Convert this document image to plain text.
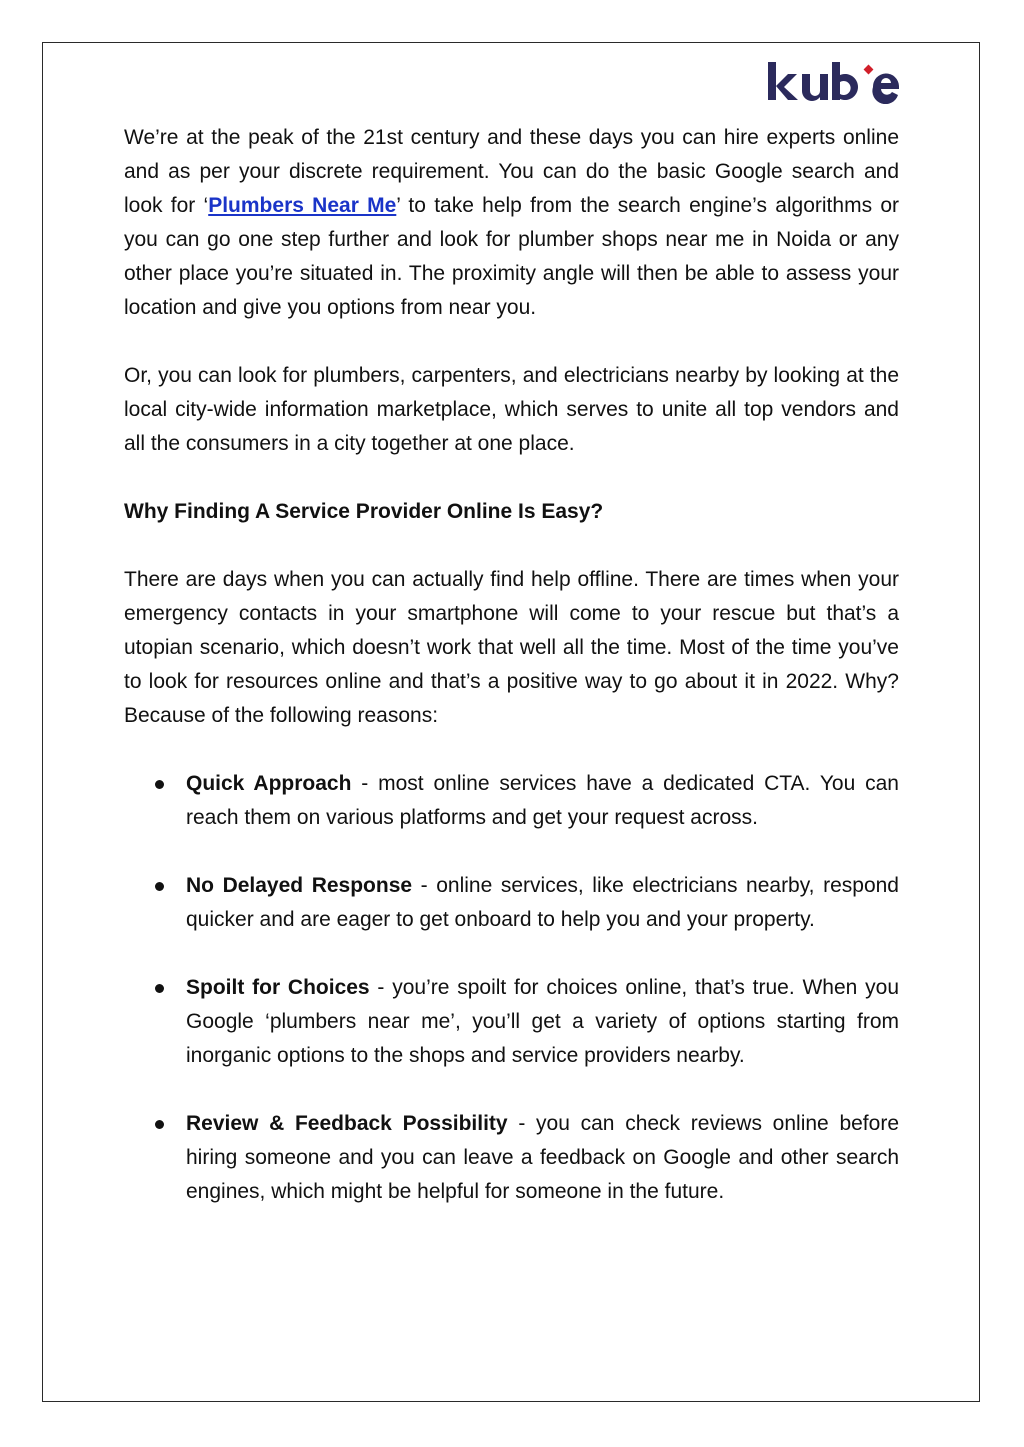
We’re at the peak of the 21st century and these days you can hire experts online and as per your discrete requirement. You can do the basic Google search and look for ‘Plumbers Near Me’ to take help from the search engine’s algorithms or you can go one step further and look for plumber shops near me in Noida or any other place you’re situated in. The proximity angle will then be able to assess your location and give you options from near you.

Or, you can look for plumbers, carpenters, and electricians nearby by looking at the local city-wide information marketplace, which serves to unite all top vendors and all the consumers in a city together at one place.

Why Finding A Service Provider Online Is Easy?

There are days when you can actually find help offline. There are times when your emergency contacts in your smartphone will come to your rescue but that’s a utopian scenario, which doesn’t work that well all the time. Most of the time you’ve to look for resources online and that’s a positive way to go about it in 2022. Why? Because of the following reasons:

Quick Approach - most online services have a dedicated CTA. You can reach them on various platforms and get your request across.
No Delayed Response - online services, like electricians nearby, respond quicker and are eager to get onboard to help you and your property.
Spoilt for Choices - you’re spoilt for choices online, that’s true. When you Google ‘plumbers near me’, you’ll get a variety of options starting from inorganic options to the shops and service providers nearby.
Review & Feedback Possibility - you can check reviews online before hiring someone and you can leave a feedback on Google and other search engines, which might be helpful for someone in the future.
